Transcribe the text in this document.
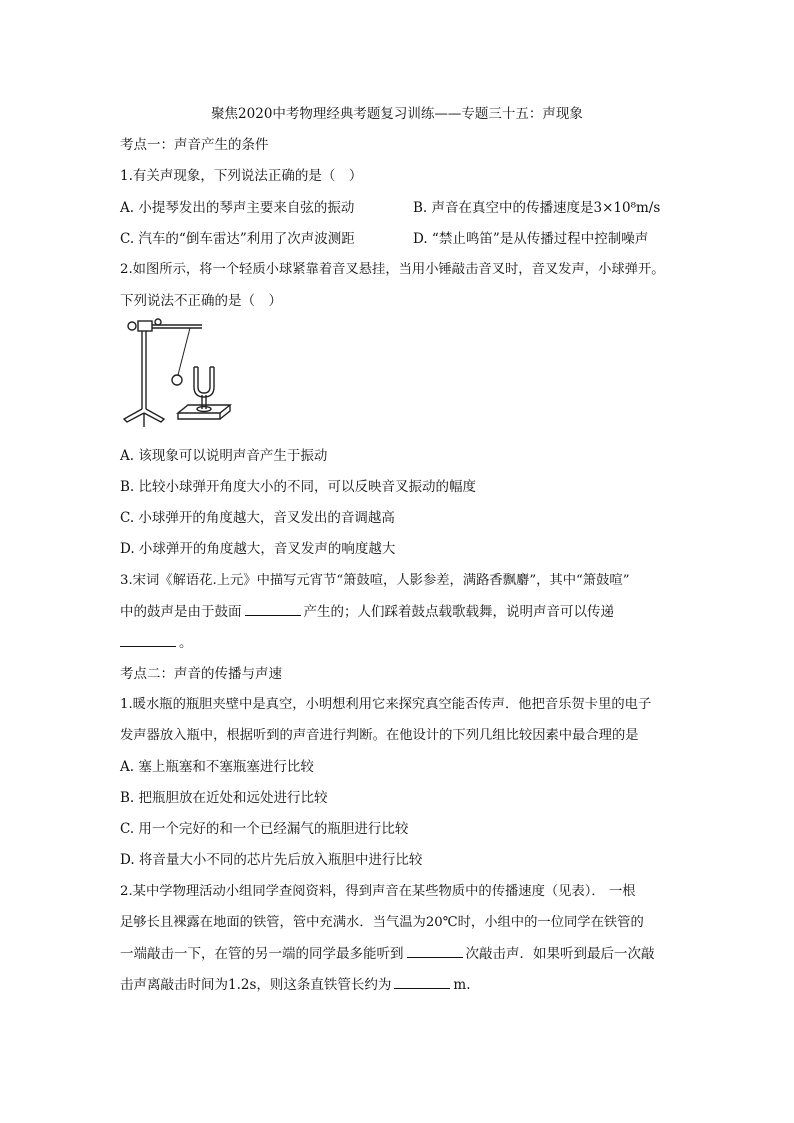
聚焦2020中考物理经典考题复习训练——专题三十五：声现象
考点一：声音产生的条件
1.有关声现象，下列说法正确的是（　）
A. 小提琴发出的琴声主要来自弦的振动	B. 声音在真空中的传播速度是3×10⁸m/s
C. 汽车的“倒车雷达”利用了次声波测距	D. “禁止鸣笛”是从传播过程中控制噪声
2.如图所示，将一个轻质小球紧靠着音叉悬挂，当用小锤敲击音叉时，音叉发声，小球弹开。
下列说法不正确的是（　）
A. 该现象可以说明声音产生于振动
B. 比较小球弹开角度大小的不同，可以反映音叉振动的幅度
C. 小球弹开的角度越大，音叉发出的音调越高
D. 小球弹开的角度越大，音叉发声的响度越大
3.宋词《解语花.上元》中描写元宵节“箫鼓喧，人影参差，满路香飘麝”，其中“箫鼓喧”
中的鼓声是由于鼓面	产生的；人们踩着鼓点载歌载舞，说明声音可以传递
。
考点二：声音的传播与声速
1.暖水瓶的瓶胆夹壁中是真空，小明想利用它来探究真空能否传声．他把音乐贺卡里的电子
发声器放入瓶中，根据听到的声音进行判断。在他设计的下列几组比较因素中最合理的是
A. 塞上瓶塞和不塞瓶塞进行比较
B. 把瓶胆放在近处和远处进行比较
C. 用一个完好的和一个已经漏气的瓶胆进行比较
D. 将音量大小不同的芯片先后放入瓶胆中进行比较
2.某中学物理活动小组同学查阅资料，得到声音在某些物质中的传播速度（见表）． 一根
足够长且裸露在地面的铁管，管中充满水．当气温为20℃时，小组中的一位同学在铁管的
一端敲击一下，在管的另一端的同学最多能听到	次敲击声．如果听到最后一次敲
击声离敲击时间为1.2s，则这条直铁管长约为	m.
